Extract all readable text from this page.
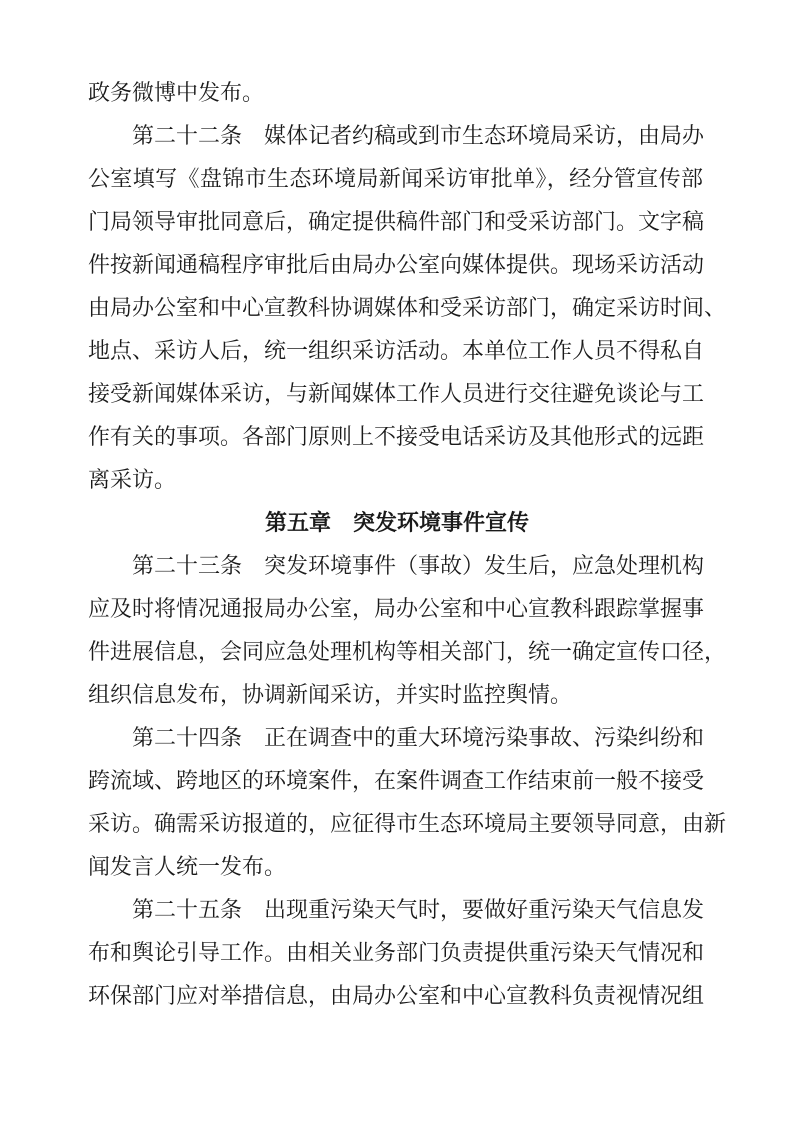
政务微博中发布。
第二十二条　媒体记者约稿或到市生态环境局采访，由局办
公室填写《盘锦市生态环境局新闻采访审批单》，经分管宣传部
门局领导审批同意后，确定提供稿件部门和受采访部门。文字稿
件按新闻通稿程序审批后由局办公室向媒体提供。现场采访活动
由局办公室和中心宣教科协调媒体和受采访部门，确定采访时间、
地点、采访人后，统一组织采访活动。本单位工作人员不得私自
接受新闻媒体采访，与新闻媒体工作人员进行交往避免谈论与工
作有关的事项。各部门原则上不接受电话采访及其他形式的远距
离采访。
第五章　突发环境事件宣传
第二十三条　突发环境事件（事故）发生后，应急处理机构
应及时将情况通报局办公室，局办公室和中心宣教科跟踪掌握事
件进展信息，会同应急处理机构等相关部门，统一确定宣传口径，
组织信息发布，协调新闻采访，并实时监控舆情。
第二十四条　正在调查中的重大环境污染事故、污染纠纷和
跨流域、跨地区的环境案件，在案件调查工作结束前一般不接受
采访。确需采访报道的，应征得市生态环境局主要领导同意，由新
闻发言人统一发布。
第二十五条　出现重污染天气时，要做好重污染天气信息发
布和舆论引导工作。由相关业务部门负责提供重污染天气情况和
环保部门应对举措信息，由局办公室和中心宣教科负责视情况组
